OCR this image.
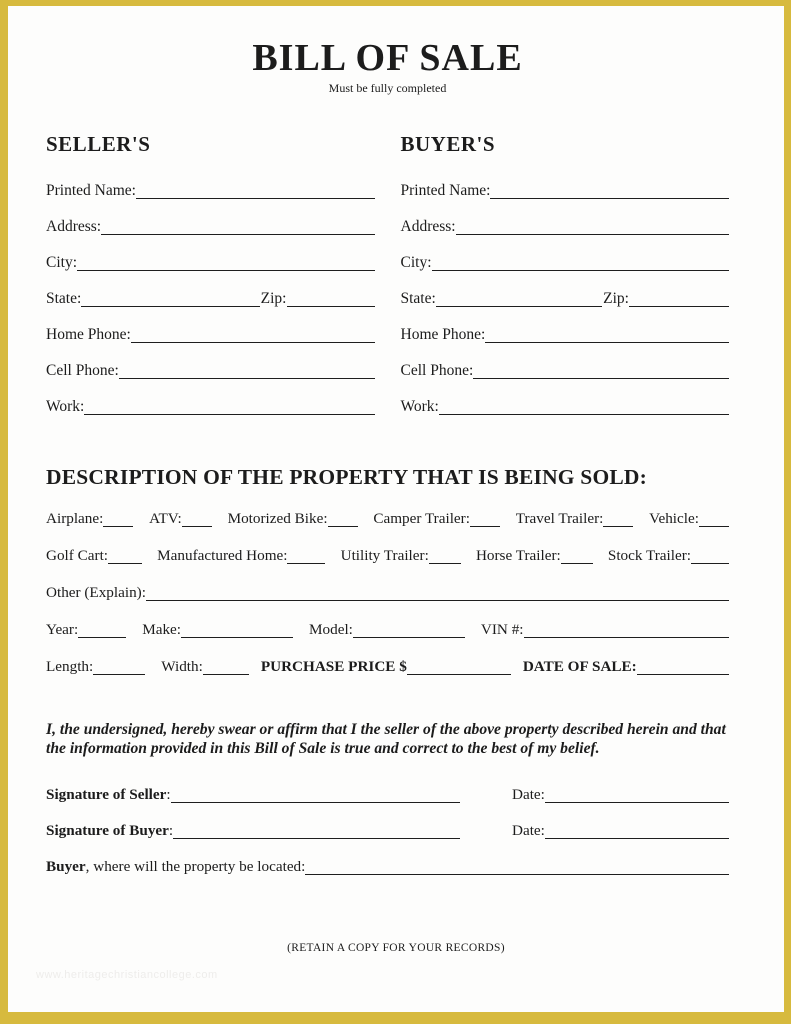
BILL OF SALE
Must be fully completed
SELLER'S
Printed Name:
Address:
City:
State:	Zip:
Home Phone:
Cell Phone:
Work:
BUYER'S
Printed Name:
Address:
City:
State:	Zip:
Home Phone:
Cell Phone:
Work:
DESCRIPTION OF THE PROPERTY THAT IS BEING SOLD:
Airplane:	ATV:	Motorized Bike:	Camper Trailer:	Travel Trailer:	Vehicle:
Golf Cart:	Manufactured Home:	Utility Trailer:	Horse Trailer:	Stock Trailer:
Other (Explain):
Year:	Make:	Model:	VIN #:
Length:	Width:	PURCHASE PRICE $	DATE OF SALE:
I, the undersigned, hereby swear or affirm that I the seller of the above property described herein and that the information provided in this Bill of Sale is true and correct to the best of my belief.
Signature of Seller :	Date:
Signature of Buyer :	Date:
Buyer , where will the property be located:
(RETAIN A COPY FOR YOUR RECORDS)
www.heritagechristiancollege.com
